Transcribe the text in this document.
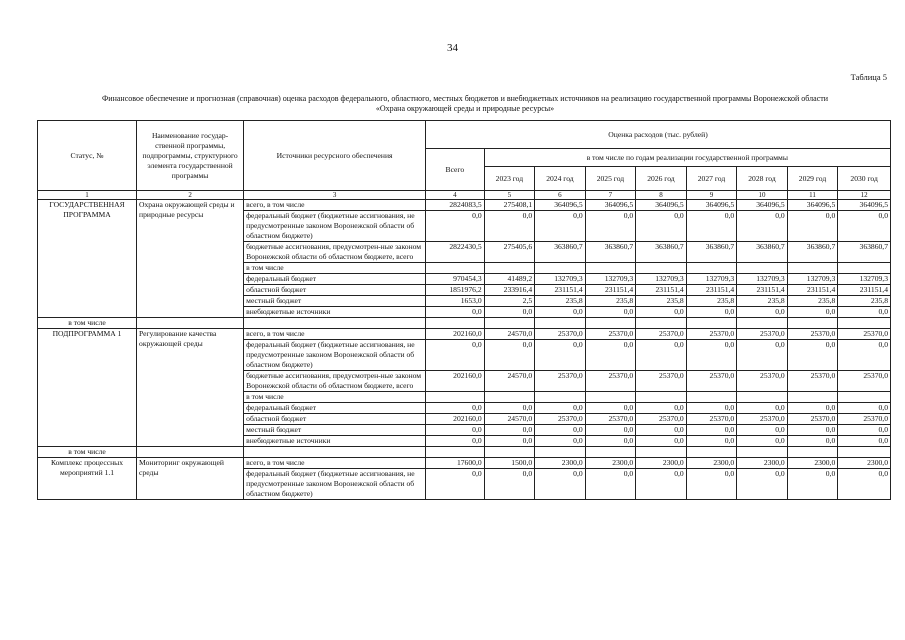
34
Таблица 5
Финансовое обеспечение и прогнозная (справочная) оценка расходов федерального, областного, местных бюджетов и внебюджетных источников на реализацию государственной программы Воронежской области
«Охрана окружающей среды и природные ресурсы»
Статус, №	Наименование государ-ственной программы, подпрограммы, структурного элемента государственной программы	Источники ресурсного обеспечения	Оценка расходов (тыс. рублей)								
			Всего	в том числе по годам реализации государственной программы							
				2023 год	2024 год	2025 год	2026 год	2027 год	2028 год	2029 год	2030 год
1	2	3	4	5	6	7	8	9	10	11	12
ГОСУДАРСТВЕННАЯ ПРОГРАММА	Охрана окружающей среды и природные ресурсы	всего, в том числе	2824083,5	275408,1	364096,5	364096,5	364096,5	364096,5	364096,5	364096,5	364096,5
		федеральный бюджет (бюджетные ассигнования, не предусмотренные законом Воронежской области об областном бюджете)	0,0	0,0	0,0	0,0	0,0	0,0	0,0	0,0	0,0
		бюджетные ассигнования, предусмотрен-ные законом Воронежской области об областном бюджете, всего	2822430,5	275405,6	363860,7	363860,7	363860,7	363860,7	363860,7	363860,7	363860,7
		в том числе									
		федеральный бюджет	970454,3	41489,2	132709,3	132709,3	132709,3	132709,3	132709,3	132709,3	132709,3
		областной бюджет	1851976,2	233916,4	231151,4	231151,4	231151,4	231151,4	231151,4	231151,4	231151,4
		местный бюджет	1653,0	2,5	235,8	235,8	235,8	235,8	235,8	235,8	235,8
		внебюджетные источники	0,0	0,0	0,0	0,0	0,0	0,0	0,0	0,0	0,0
в том числе											
ПОДПРОГРАММА 1	Регулирование качества окружающей среды	всего, в том числе	202160,0	24570,0	25370,0	25370,0	25370,0	25370,0	25370,0	25370,0	25370,0
		федеральный бюджет (бюджетные ассигнования, не предусмотренные законом Воронежской области об областном бюджете)	0,0	0,0	0,0	0,0	0,0	0,0	0,0	0,0	0,0
		бюджетные ассигнования, предусмотрен-ные законом Воронежской области об областном бюджете, всего	202160,0	24570,0	25370,0	25370,0	25370,0	25370,0	25370,0	25370,0	25370,0
		в том числе									
		федеральный бюджет	0,0	0,0	0,0	0,0	0,0	0,0	0,0	0,0	0,0
		областной бюджет	202160,0	24570,0	25370,0	25370,0	25370,0	25370,0	25370,0	25370,0	25370,0
		местный бюджет	0,0	0,0	0,0	0,0	0,0	0,0	0,0	0,0	0,0
		внебюджетные источники	0,0	0,0	0,0	0,0	0,0	0,0	0,0	0,0	0,0
в том числе											
Комплекс процессных мероприятий 1.1	Мониторинг окружающей среды	всего, в том числе	17600,0	1500,0	2300,0	2300,0	2300,0	2300,0	2300,0	2300,0	2300,0
		федеральный бюджет (бюджетные ассигнования, не предусмотренные законом Воронежской области об областном бюджете)	0,0	0,0	0,0	0,0	0,0	0,0	0,0	0,0	0,0
